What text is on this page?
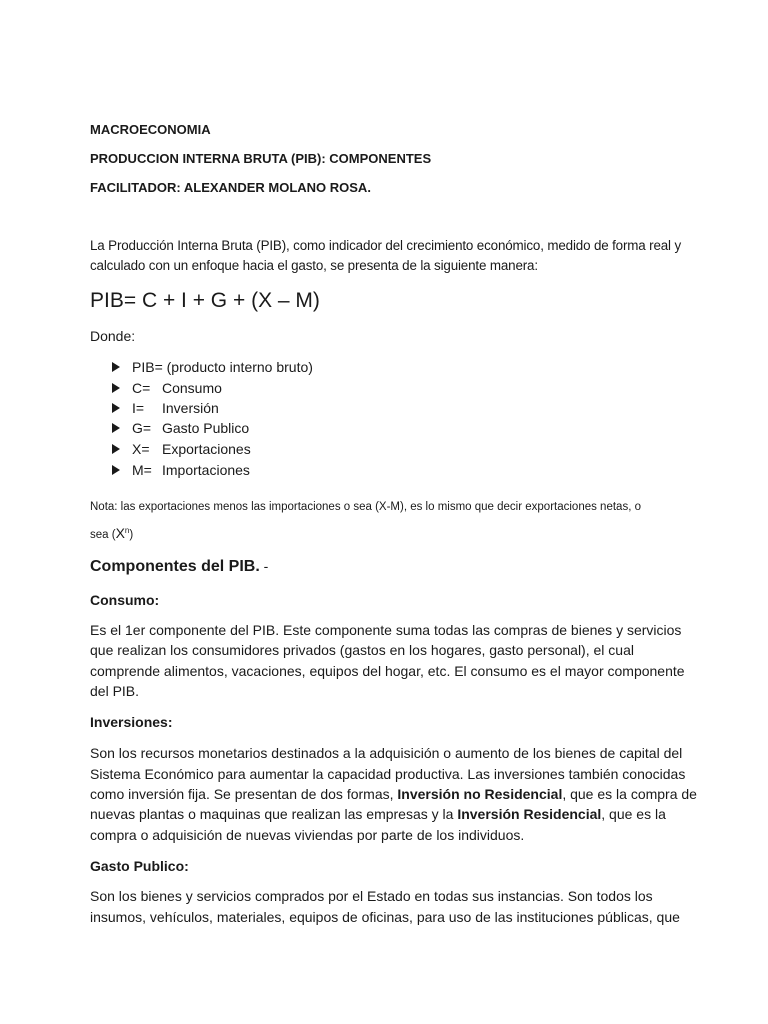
MACROECONOMIA
PRODUCCION INTERNA BRUTA (PIB): COMPONENTES
FACILITADOR: ALEXANDER MOLANO ROSA.
La Producción Interna Bruta (PIB), como indicador del crecimiento económico, medido de forma real y
calculado con un enfoque hacia el gasto, se presenta de la siguiente manera:
PIB= C + I + G + (X – M)
Donde:
PIB= (producto interno bruto)
C= Consumo
I= Inversión
G= Gasto Publico
X= Exportaciones
M= Importaciones
Nota: las exportaciones menos las importaciones o sea (X-M), es lo mismo que decir exportaciones netas, o
sea $(X^n)$
Componentes del PIB. -
Consumo:
Es el 1er componente del PIB. Este componente suma todas las compras de bienes y servicios
que realizan los consumidores privados (gastos en los hogares, gasto personal), el cual
comprende alimentos, vacaciones, equipos del hogar, etc. El consumo es el mayor componente
del PIB.
Inversiones:
Son los recursos monetarios destinados a la adquisición o aumento de los bienes de capital del
Sistema Económico para aumentar la capacidad productiva. Las inversiones también conocidas
como inversión fija. Se presentan de dos formas, Inversión no Residencial, que es la compra de
nuevas plantas o maquinas que realizan las empresas y la Inversión Residencial, que es la
compra o adquisición de nuevas viviendas por parte de los individuos.
Gasto Publico:
Son los bienes y servicios comprados por el Estado en todas sus instancias. Son todos los
insumos, vehículos, materiales, equipos de oficinas, para uso de las instituciones públicas, que
